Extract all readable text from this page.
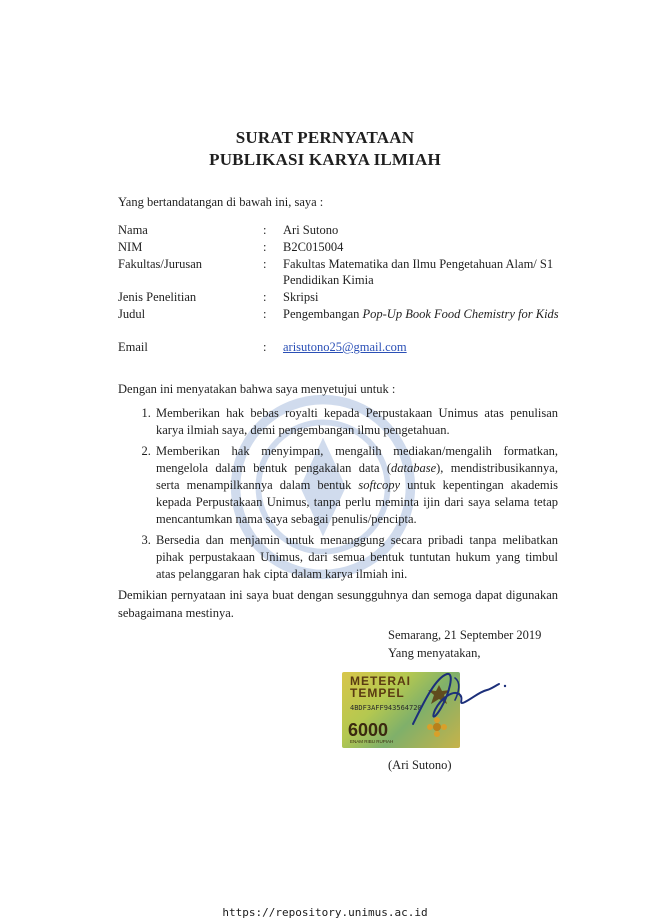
SURAT PERNYATAAN
PUBLIKASI KARYA ILMIAH
Yang bertandatangan di bawah ini, saya :
Nama	:	Ari Sutono
NIM	:	B2C015004
Fakultas/Jurusan	:	Fakultas Matematika dan Ilmu Pengetahuan Alam/ S1 Pendidikan Kimia
Jenis Penelitian	:	Skripsi
Judul	:	Pengembangan Pop-Up Book Food Chemistry for Kids
Email	:	arisutono25@gmail.com
Dengan ini menyatakan bahwa saya menyetujui untuk :
1. Memberikan hak bebas royalti kepada Perpustakaan Unimus atas penulisan karya ilmiah saya, demi pengembangan ilmu pengetahuan.
2. Memberikan hak menyimpan, mengalih mediakan/mengalih formatkan, mengelola dalam bentuk pengakalan data (database), mendistribusikannya, serta menampilkannya dalam bentuk softcopy untuk kepentingan akademis kepada Perpustakaan Unimus, tanpa perlu meminta ijin dari saya selama tetap mencantumkan nama saya sebagai penulis/pencipta.
3. Bersedia dan menjamin untuk menanggung secara pribadi tanpa melibatkan pihak perpustakaan Unimus, dari semua bentuk tuntutan hukum yang timbul atas pelanggaran hak cipta dalam karya ilmiah ini.
Demikian pernyataan ini saya buat dengan sesungguhnya dan semoga dapat digunakan sebagaimana mestinya.
Semarang, 21 September 2019
Yang menyatakan,
METERAI
TEMPEL
4BDF3AFF943564720
6000
ENAM RIBU RUPIAH
(Ari Sutono)
https://repository.unimus.ac.id
